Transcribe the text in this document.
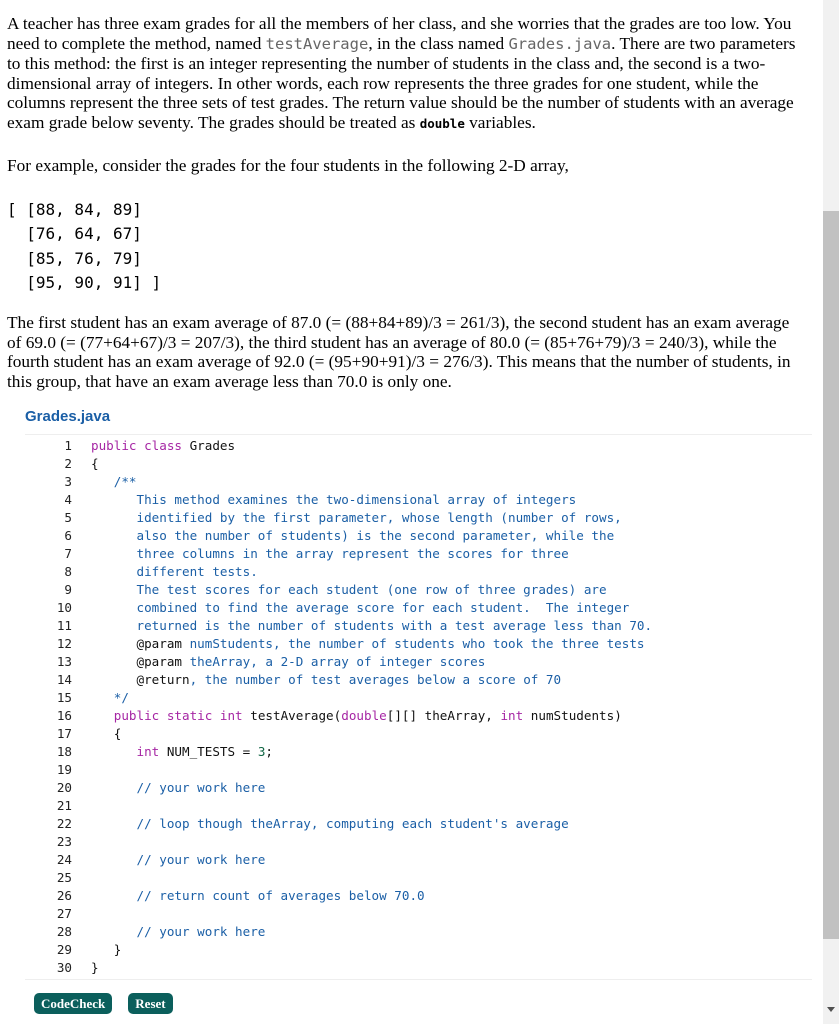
A teacher has three exam grades for all the members of her class, and she worries that the grades are too low. You need to complete the method, named testAverage, in the class named Grades.java. There are two parameters to this method: the first is an integer representing the number of students in the class and, the second is a two-dimensional array of integers. In other words, each row represents the three grades for one student, while the columns represent the three sets of test grades. The return value should be the number of students with an average exam grade below seventy. The grades should be treated as double variables.

For example, consider the grades for the four students in the following 2-D array,

[ [88, 84, 89]
[76, 64, 67]
[85, 76, 79]
[95, 90, 91] ]

The first student has an exam average of 87.0 (= (88+84+89)/3 = 261/3), the second student has an exam average of 69.0 (= (77+64+67)/3 = 207/3), the third student has an average of 80.0 (= (85+76+79)/3 = 240/3), while the fourth student has an exam average of 92.0 (= (95+90+91)/3 = 276/3). This means that the number of students, in this group, that have an exam average less than 70.0 is only one.

Grades.java
1
2
3
4
5
6
7
8
9
10
11
12
13
14
15
16
17
18
19
20
21
22
23
24
25
26
27
28
29
30
public class Grades
{
/**
This method examines the two-dimensional array of integers
identified by the first parameter, whose length (number of rows,
also the number of students) is the second parameter, while the
three columns in the array represent the scores for three
different tests.
The test scores for each student (one row of three grades) are
combined to find the average score for each student.  The integer
returned is the number of students with a test average less than 70.
@param numStudents, the number of students who took the three tests
@param theArray, a 2-D array of integer scores
@return, the number of test averages below a score of 70
*/
public static int testAverage(double[][] theArray, int numStudents)
{
int NUM_TESTS = 3;
// your work here
// loop though theArray, computing each student's average
// your work here
// return count of averages below 70.0
// your work here
}
}
CodeCheck	Reset
